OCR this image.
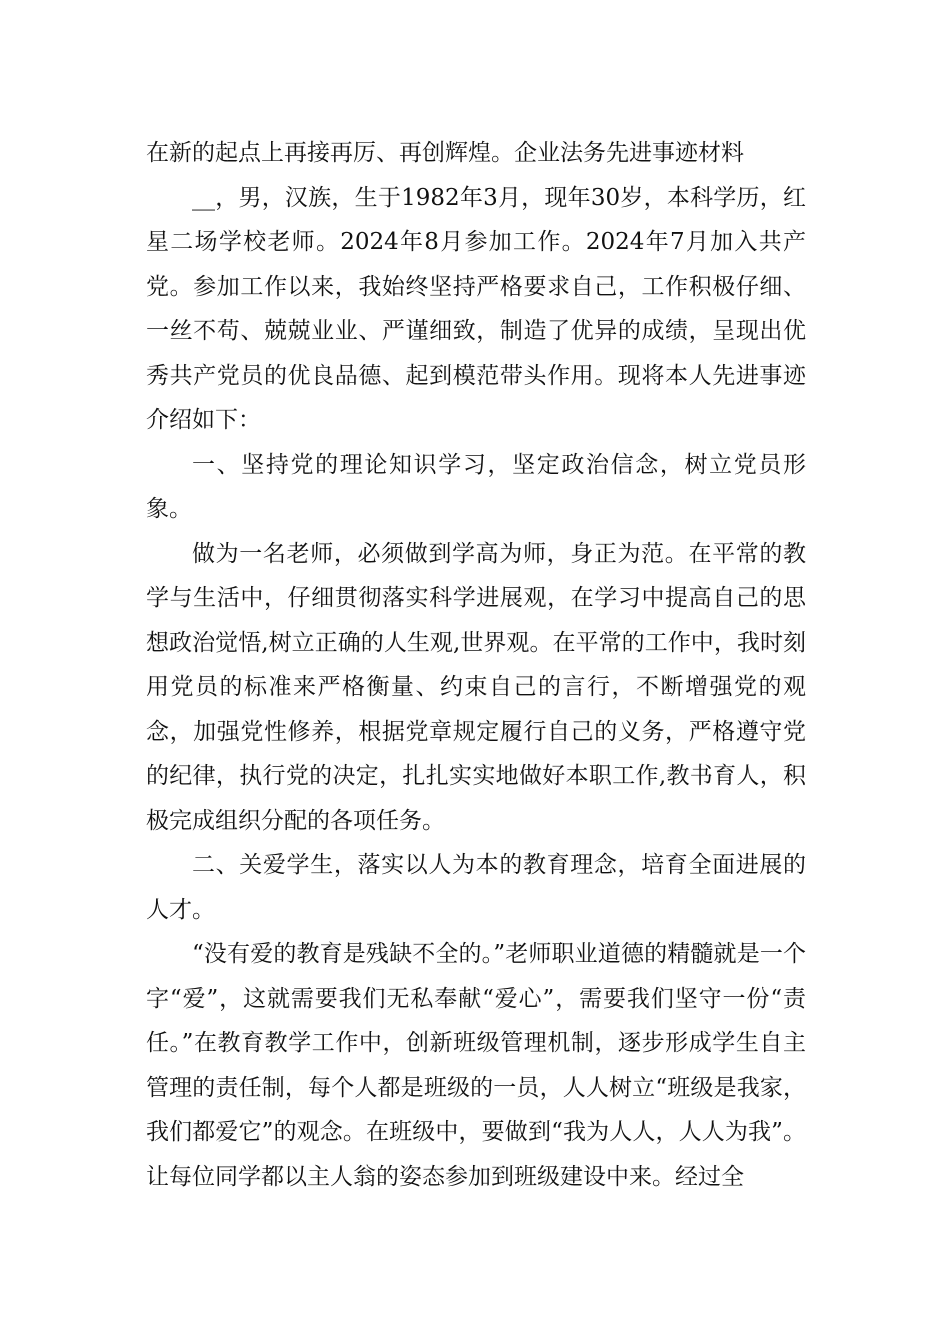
在新的起点上再接再厉、再创辉煌。企业法务先进事迹材料

__，男，汉族，生于1982年3月，现年30岁，本科学历，红星二场学校老师。2024年8月参加工作。2024年7月加入共产党。参加工作以来，我始终坚持严格要求自己，工作积极仔细、一丝不苟、兢兢业业、严谨细致，制造了优异的成绩，呈现出优秀共产党员的优良品德、起到模范带头作用。现将本人先进事迹介绍如下：

一、坚持党的理论知识学习，坚定政治信念，树立党员形象。

做为一名老师，必须做到学高为师，身正为范。在平常的教学与生活中，仔细贯彻落实科学进展观，在学习中提高自己的思想政治觉悟,树立正确的人生观,世界观。在平常的工作中，我时刻用党员的标准来严格衡量、约束自己的言行，不断增强党的观念，加强党性修养，根据党章规定履行自己的义务，严格遵守党的纪律，执行党的决定，扎扎实实地做好本职工作,教书育人，积极完成组织分配的各项任务。

二、关爱学生，落实以人为本的教育理念，培育全面进展的人才。

“没有爱的教育是残缺不全的。”老师职业道德的精髓就是一个字“爱”，这就需要我们无私奉献“爱心”，需要我们坚守一份“责任。”在教育教学工作中，创新班级管理机制，逐步形成学生自主管理的责任制，每个人都是班级的一员，人人树立“班级是我家，我们都爱它”的观念。在班级中，要做到“我为人人，人人为我”。让每位同学都以主人翁的姿态参加到班级建设中来。经过全
